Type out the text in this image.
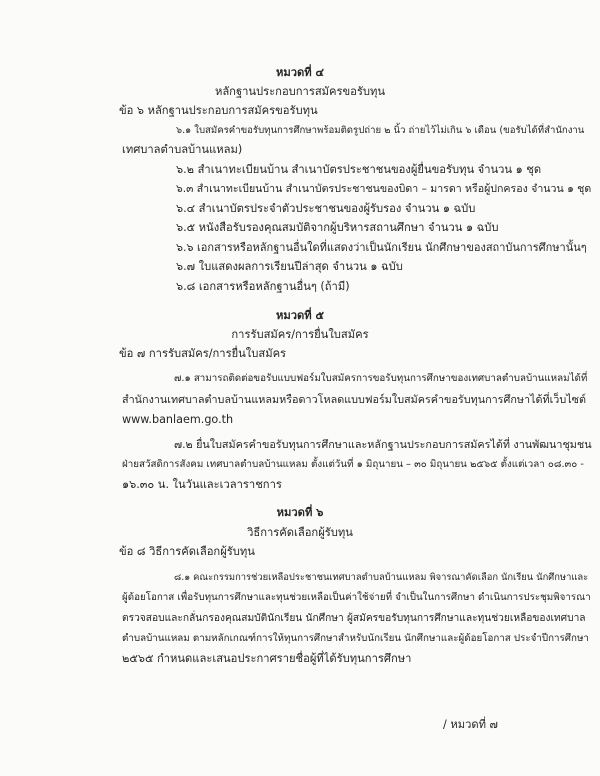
หมวดที่ ๔
หลักฐานประกอบการสมัครขอรับทุน
ข้อ ๖ หลักฐานประกอบการสมัครขอรับทุน
๖.๑ ใบสมัครคำขอรับทุนการศึกษาพร้อมติดรูปถ่าย ๒ นิ้ว ถ่ายไว้ไม่เกิน ๖ เดือน (ขอรับได้ที่สำนักงาน
เทศบาลตำบลบ้านแหลม)
๖.๒ สำเนาทะเบียนบ้าน สำเนาบัตรประชาชนของผู้ยื่นขอรับทุน จำนวน ๑ ชุด
๖.๓ สำเนาทะเบียนบ้าน สำเนาบัตรประชาชนของบิดา – มารดา หรือผู้ปกครอง จำนวน ๑ ชุด
๖.๔ สำเนาบัตรประจำตัวประชาชนของผู้รับรอง จำนวน ๑ ฉบับ
๖.๕ หนังสือรับรองคุณสมบัติจากผู้บริหารสถานศึกษา จำนวน ๑ ฉบับ
๖.๖ เอกสารหรือหลักฐานอื่นใดที่แสดงว่าเป็นนักเรียน นักศึกษาของสถาบันการศึกษานั้นๆ
๖.๗ ใบแสดงผลการเรียนปีล่าสุด จำนวน ๑ ฉบับ
๖.๘ เอกสารหรือหลักฐานอื่นๆ (ถ้ามี)
หมวดที่ ๕
การรับสมัคร/การยื่นใบสมัคร
ข้อ ๗ การรับสมัคร/การยื่นใบสมัคร
๗.๑ สามารถติดต่อขอรับแบบฟอร์มใบสมัครการขอรับทุนการศึกษาของเทศบาลตำบลบ้านแหลมได้ที่
สำนักงานเทศบาลตำบลบ้านแหลมหรือดาวโหลดแบบฟอร์มใบสมัครคำขอรับทุนการศึกษาได้ที่เว็บไซต์
www.banlaem.go.th
๗.๒ ยื่นใบสมัครคำขอรับทุนการศึกษาและหลักฐานประกอบการสมัครได้ที่ งานพัฒนาชุมชน
ฝ่ายสวัสดิการสังคม เทศบาลตำบลบ้านแหลม ตั้งแต่วันที่ ๑ มิถุนายน – ๓๐ มิถุนายน ๒๕๖๕ ตั้งแต่เวลา ๐๘.๓๐ -
๑๖.๓๐ น. ในวันและเวลาราชการ
หมวดที่ ๖
วิธีการคัดเลือกผู้รับทุน
ข้อ ๘ วิธีการคัดเลือกผู้รับทุน
๘.๑ คณะกรรมการช่วยเหลือประชาชนเทศบาลตำบลบ้านแหลม พิจารณาคัดเลือก นักเรียน นักศึกษาและ
ผู้ด้อยโอกาส เพื่อรับทุนการศึกษาและทุนช่วยเหลือเป็นค่าใช้จ่ายที่ จำเป็นในการศึกษา ดำเนินการประชุมพิจารณา
ตรวจสอบและกลั่นกรองคุณสมบัตินักเรียน นักศึกษา ผู้สมัครขอรับทุนการศึกษาและทุนช่วยเหลือของเทศบาล
ตำบลบ้านแหลม ตามหลักเกณฑ์การให้ทุนการศึกษาสำหรับนักเรียน นักศึกษาและผู้ด้อยโอกาส ประจำปีการศึกษา
๒๕๖๕ กำหนดและเสนอประกาศรายชื่อผู้ที่ได้รับทุนการศึกษา
/ หมวดที่ ๗
